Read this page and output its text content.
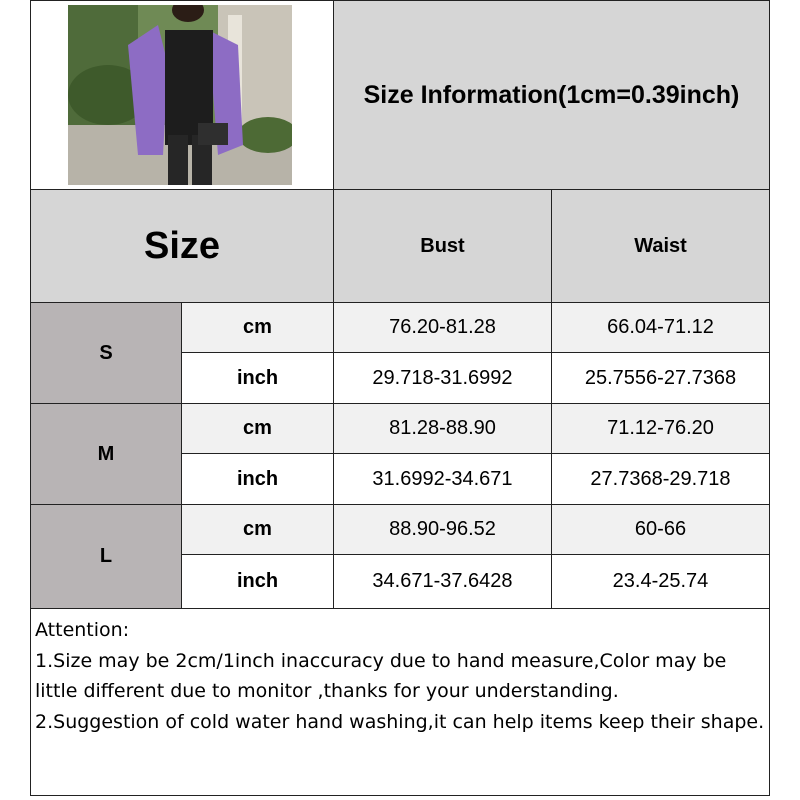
Size Information(1cm=0.39inch)
Size	Bust	Waist
S
cm	76.20-81.28	66.04-71.12
inch	29.718-31.6992	25.7556-27.7368
M
cm	81.28-88.90	71.12-76.20
inch	31.6992-34.671	27.7368-29.718
L
cm	88.90-96.52	60-66
inch	34.671-37.6428	23.4-25.74
Attention:
1.Size may be 2cm/1inch inaccuracy due to hand measure,Color may be little different due to monitor ,thanks for your understanding.
2.Suggestion of cold water hand washing,it can help items keep their shape.
